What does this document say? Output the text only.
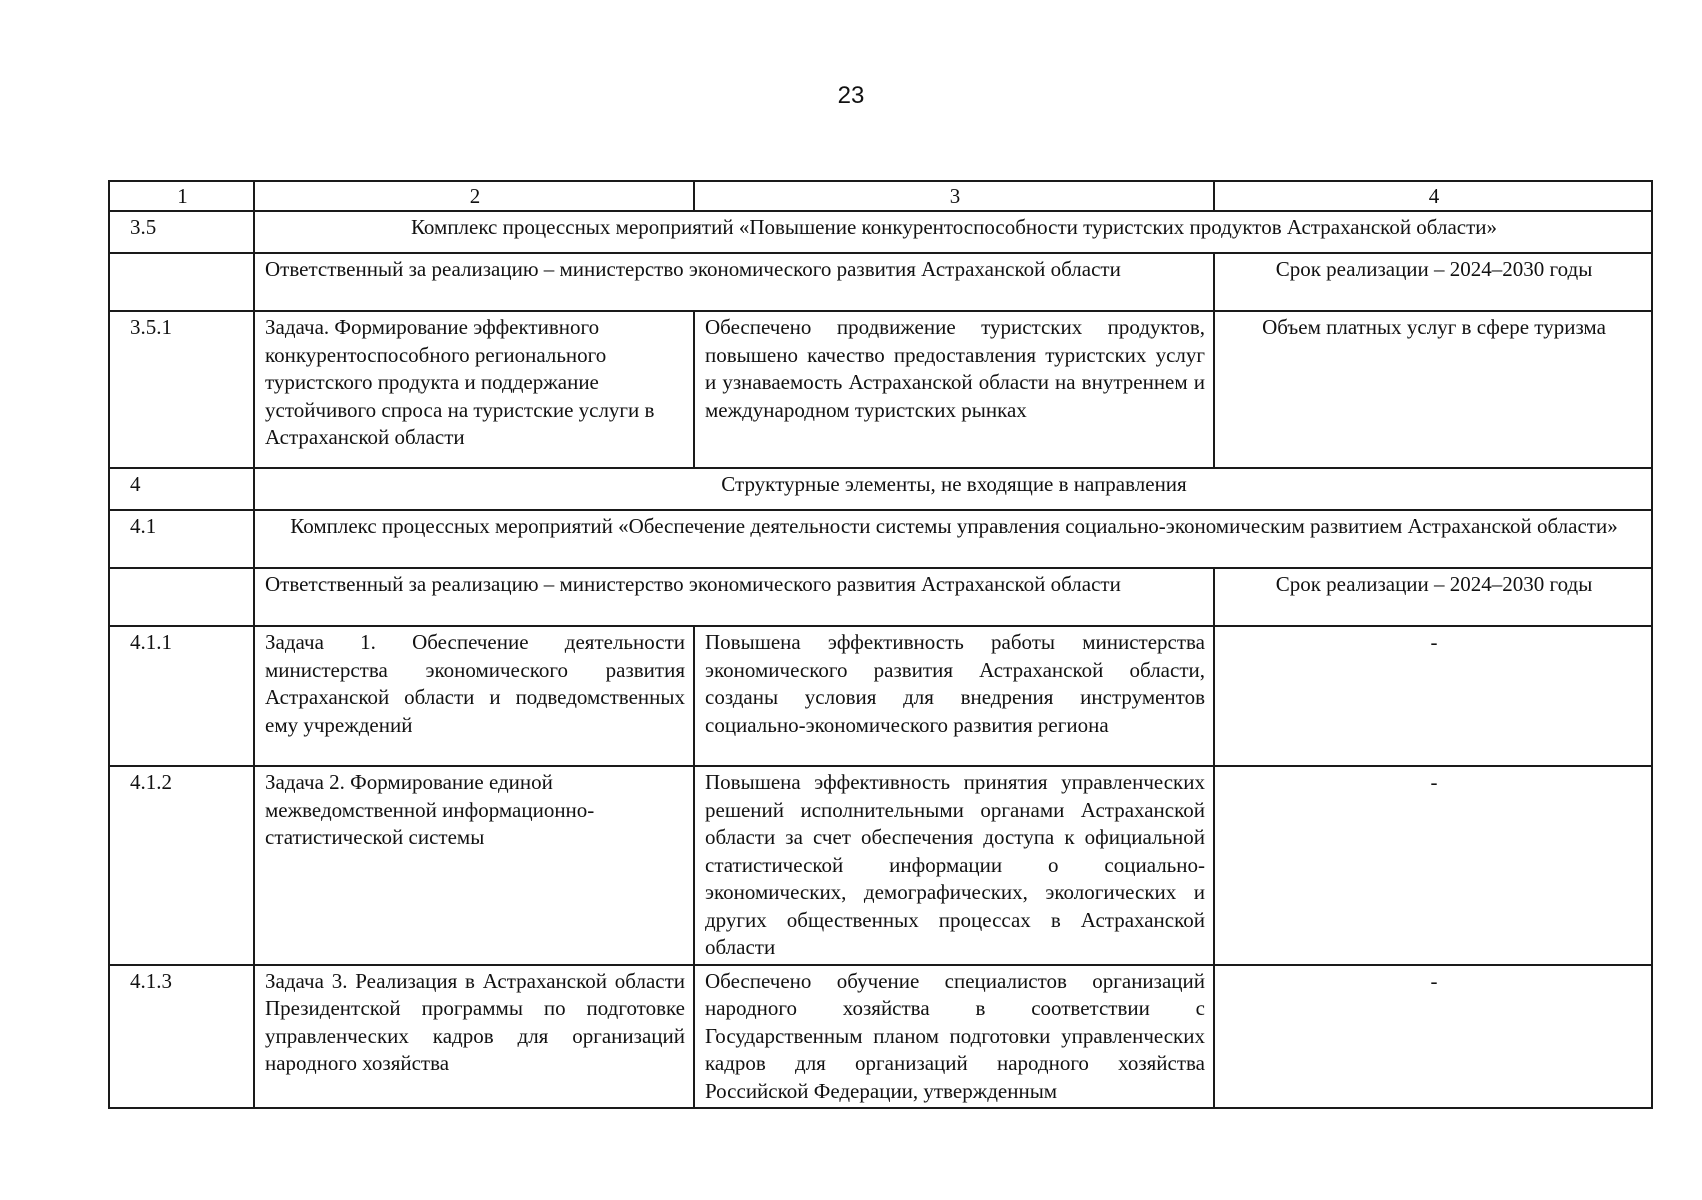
23
1	2	3	4
3.5	Комплекс процессных мероприятий «Повышение конкурентоспособности туристских продуктов Астраханской области»		
	Ответственный за реализацию – министерство экономического развития Астраханской области		Срок реализации – 2024–2030 годы
3.5.1	Задача. Формирование эффективного конкурентоспособного регионального туристского продукта и поддержание устойчивого спроса на туристские услуги в Астраханской области	Обеспечено продвижение туристских продуктов, повышено качество предоставления туристских услуг и узнаваемость Астраханской области на внутреннем и международном туристских рынках	Объем платных услуг в сфере туризма
4	Структурные элементы, не входящие в направления		
4.1	Комплекс процессных мероприятий «Обеспечение деятельности системы управления социально-экономическим развитием Астраханской области»		
	Ответственный за реализацию – министерство экономического развития Астраханской области		Срок реализации – 2024–2030 годы
4.1.1	Задача 1. Обеспечение деятельности министерства экономического развития Астраханской области и подведомственных ему учреждений	Повышена эффективность работы министерства экономического развития Астраханской области, созданы условия для внедрения инструментов социально-экономического развития региона	-
4.1.2	Задача 2. Формирование единой межведомственной информационно-статистической системы	Повышена эффективность принятия управленческих решений исполнительными органами Астраханской области за счет обеспечения доступа к официальной статистической информации о социально-экономических, демографических, экологических и других общественных процессах в Астраханской области	-
4.1.3	Задача 3. Реализация в Астраханской области Президентской программы по подготовке управленческих кадров для организаций народного хозяйства	Обеспечено обучение специалистов организаций народного хозяйства в соответствии с Государственным планом подготовки управленческих кадров для организаций народного хозяйства Российской Федерации, утвержденным	-
